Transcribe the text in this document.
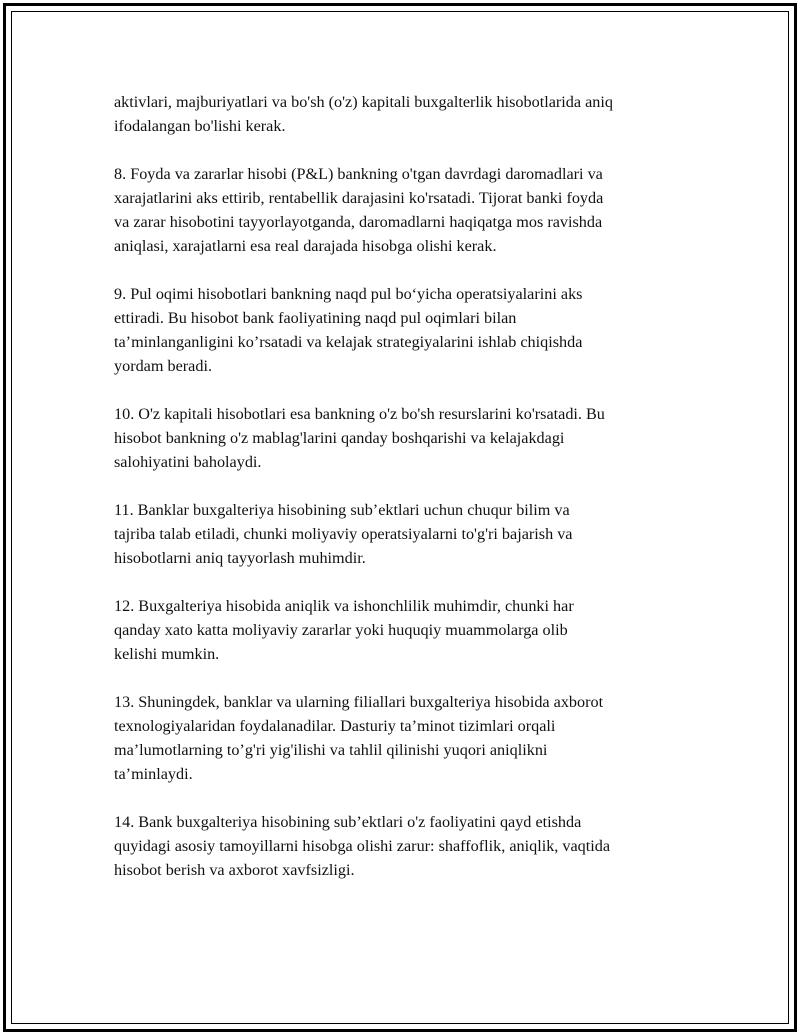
aktivlari, majburiyatlari va bo'sh (o'z) kapitali buxgalterlik hisobotlarida aniq
ifodalangan bo'lishi kerak.

8. Foyda va zararlar hisobi (P&L) bankning o'tgan davrdagi daromadlari va
xarajatlarini aks ettirib, rentabellik darajasini ko'rsatadi. Tijorat banki foyda
va zarar hisobotini tayyorlayotganda, daromadlarni haqiqatga mos ravishda
aniqlasi, xarajatlarni esa real darajada hisobga olishi kerak.

9. Pul oqimi hisobotlari bankning naqd pul bo‘yicha operatsiyalarini aks
ettiradi. Bu hisobot bank faoliyatining naqd pul oqimlari bilan
ta’minlanganligini ko’rsatadi va kelajak strategiyalarini ishlab chiqishda
yordam beradi.

10. O'z kapitali hisobotlari esa bankning o'z bo'sh resurslarini ko'rsatadi. Bu
hisobot bankning o'z mablag'larini qanday boshqarishi va kelajakdagi
salohiyatini baholaydi.

11. Banklar buxgalteriya hisobining sub’ektlari uchun chuqur bilim va
tajriba talab etiladi, chunki moliyaviy operatsiyalarni to'g'ri bajarish va
hisobotlarni aniq tayyorlash muhimdir.

12. Buxgalteriya hisobida aniqlik va ishonchlilik muhimdir, chunki har
qanday xato katta moliyaviy zararlar yoki huquqiy muammolarga olib
kelishi mumkin.

13. Shuningdek, banklar va ularning filiallari buxgalteriya hisobida axborot
texnologiyalaridan foydalanadilar. Dasturiy ta’minot tizimlari orqali
ma’lumotlarning to’g'ri yig'ilishi va tahlil qilinishi yuqori aniqlikni
ta’minlaydi.

14. Bank buxgalteriya hisobining sub’ektlari o'z faoliyatini qayd etishda
quyidagi asosiy tamoyillarni hisobga olishi zarur: shaffoflik, aniqlik, vaqtida
hisobot berish va axborot xavfsizligi.
